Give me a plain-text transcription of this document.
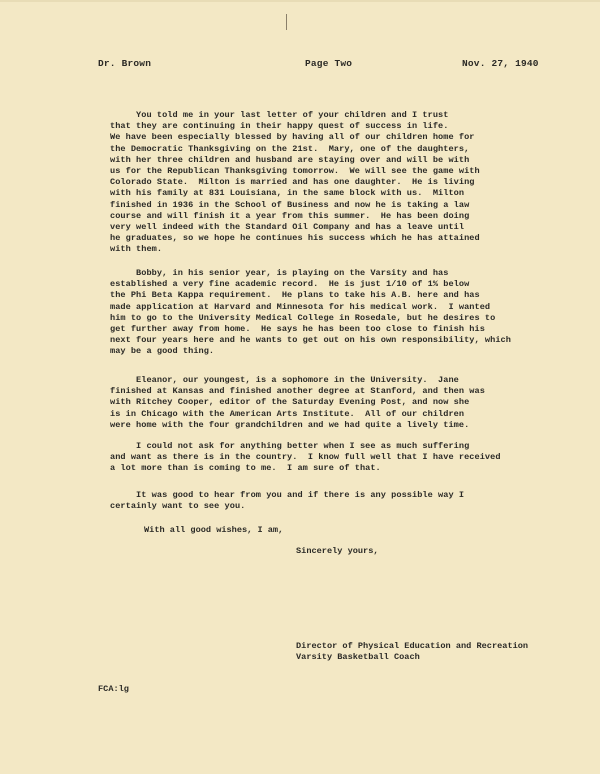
Dr. Brown	Page Two	Nov. 27, 1940
You told me in your last letter of your children and I trust
that they are continuing in their happy quest of success in life.
We have been especially blessed by having all of our children home for
the Democratic Thanksgiving on the 21st.  Mary, one of the daughters,
with her three children and husband are staying over and will be with
us for the Republican Thanksgiving tomorrow.  We will see the game with
Colorado State.  Milton is married and has one daughter.  He is living
with his family at 831 Louisiana, in the same block with us.  Milton
finished in 1936 in the School of Business and now he is taking a law
course and will finish it a year from this summer.  He has been doing
very well indeed with the Standard Oil Company and has a leave until
he graduates, so we hope he continues his success which he has attained
with them.
Bobby, in his senior year, is playing on the Varsity and has
established a very fine academic record.  He is just 1/10 of 1% below
the Phi Beta Kappa requirement.  He plans to take his A.B. here and has
made application at Harvard and Minnesota for his medical work.  I wanted
him to go to the University Medical College in Rosedale, but he desires to
get further away from home.  He says he has been too close to finish his
next four years here and he wants to get out on his own responsibility, which
may be a good thing.
Eleanor, our youngest, is a sophomore in the University.  Jane
finished at Kansas and finished another degree at Stanford, and then was
with Ritchey Cooper, editor of the Saturday Evening Post, and now she
is in Chicago with the American Arts Institute.  All of our children
were home with the four grandchildren and we had quite a lively time.
I could not ask for anything better when I see as much suffering
and want as there is in the country.  I know full well that I have received
a lot more than is coming to me.  I am sure of that.
It was good to hear from you and if there is any possible way I
certainly want to see you.
With all good wishes, I am,
Sincerely yours,
Director of Physical Education and Recreation
Varsity Basketball Coach
FCA:lg
